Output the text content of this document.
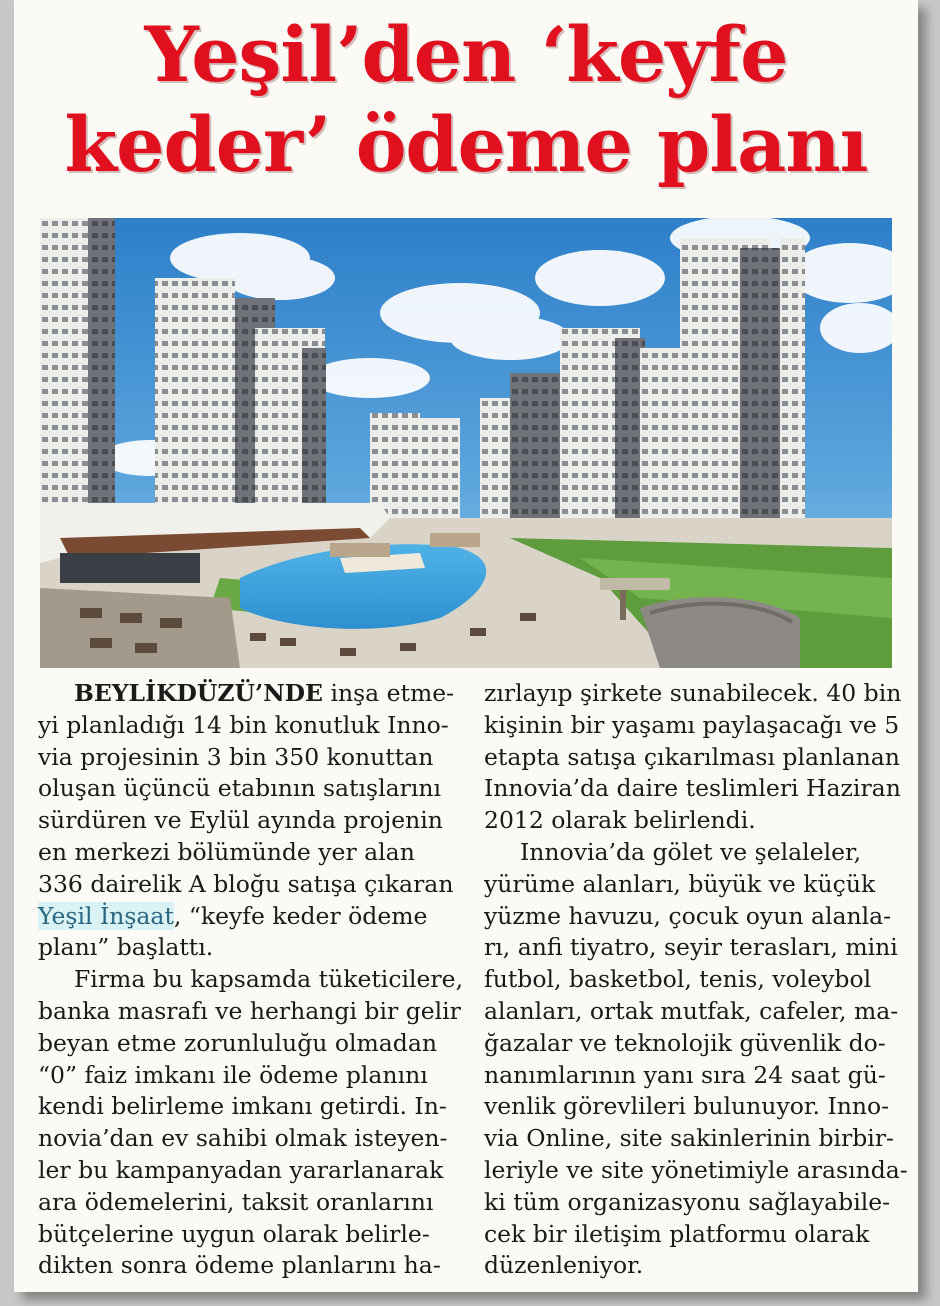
Yeşil’den ‘keyfe
keder’ ödeme planı
BEYLİKDÜZÜ’NDE inşa etme-
yi planladığı 14 bin konutluk Inno-
via projesinin 3 bin 350 konuttan
oluşan üçüncü etabının satışlarını
sürdüren ve Eylül ayında projenin
en merkezi bölümünde yer alan
336 dairelik A bloğu satışa çıkaran
Yeşil İnşaat, “keyfe keder ödeme
planı” başlattı.
Firma bu kapsamda tüketicilere,
banka masrafı ve herhangi bir gelir
beyan etme zorunluluğu olmadan
“0” faiz imkanı ile ödeme planını
kendi belirleme imkanı getirdi. In-
novia’dan ev sahibi olmak isteyen-
ler bu kampanyadan yararlanarak
ara ödemelerini, taksit oranlarını
bütçelerine uygun olarak belirle-
dikten sonra ödeme planlarını ha-
zırlayıp şirkete sunabilecek. 40 bin
kişinin bir yaşamı paylaşacağı ve 5
etapta satışa çıkarılması planlanan
Innovia’da daire teslimleri Haziran
2012 olarak belirlendi.
Innovia’da gölet ve şelaleler,
yürüme alanları, büyük ve küçük
yüzme havuzu, çocuk oyun alanla-
rı, anfi tiyatro, seyir terasları, mini
futbol, basketbol, tenis, voleybol
alanları, ortak mutfak, cafeler, ma-
ğazalar ve teknolojik güvenlik do-
nanımlarının yanı sıra 24 saat gü-
venlik görevlileri bulunuyor. Inno-
via Online, site sakinlerinin birbir-
leriyle ve site yönetimiyle arasında-
ki tüm organizasyonu sağlayabile-
cek bir iletişim platformu olarak
düzenleniyor.
